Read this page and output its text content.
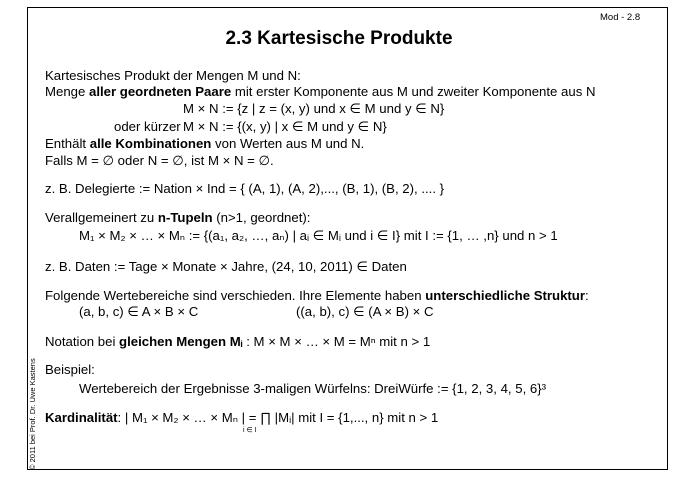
Mod - 2.8
2.3 Kartesische Produkte
Kartesisches Produkt der Mengen M und N:
Menge aller geordneten Paare mit erster Komponente aus M und zweiter Komponente aus N
M × N := {z | z = (x, y) und x ∈ M und y ∈ N}
oder kürzer M × N := {(x, y) | x ∈ M und y ∈ N}
Enthält alle Kombinationen von Werten aus M und N.
Falls M = ∅ oder N = ∅, ist M × N = ∅.
z. B. Delegierte := Nation × Ind = { (A, 1), (A, 2),..., (B, 1), (B, 2), .... }
Verallgemeinert zu n-Tupeln (n>1, geordnet):
M₁ × M₂ × … × Mₙ := {(a₁, a₂, …, aₙ) | aᵢ ∈ Mᵢ und i ∈ I} mit I := {1, … ,n} und n > 1
z. B. Daten := Tage × Monate × Jahre, (24, 10, 2011) ∈ Daten
Folgende Wertebereiche sind verschieden. Ihre Elemente haben unterschiedliche Struktur:
(a, b, c) ∈ A × B × C	((a, b), c) ∈ (A × B) × C
Notation bei gleichen Mengen Mᵢ : M × M × … × M = Mⁿ mit n > 1
Beispiel:
Wertebereich der Ergebnisse 3-maligen Würfelns: DreiWürfe := {1, 2, 3, 4, 5, 6}³
Kardinalität: | M₁ × M₂ × … × Mₙ | = ∏ |Mᵢ| mit I = {1,..., n} mit n > 1
i ∈ I
© 2011 bei Prof. Dr. Uwe Kastens
